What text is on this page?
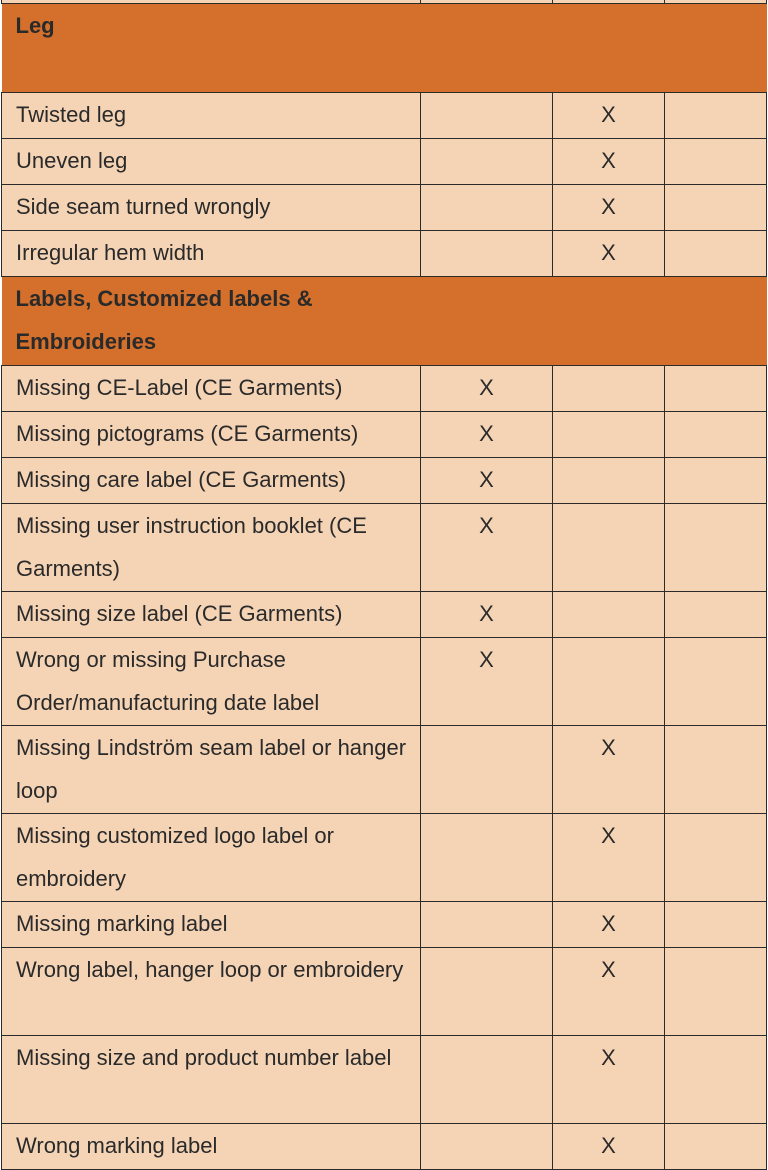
Leg			

Twisted leg		X	
Uneven leg		X	
Side seam turned wrongly		X	
Irregular hem width		X	

Labels, Customized labels & Embroideries			

Missing CE-Label (CE Garments)	X		
Missing pictograms (CE Garments)	X		
Missing care label (CE Garments)	X		
Missing user instruction booklet (CE Garments)	X		
Missing size label (CE Garments)	X		
Wrong or missing Purchase Order/manufacturing date label	X		
Missing Lindström seam label or hanger loop		X	
Missing customized logo label or embroidery		X	
Missing marking label		X	
Wrong label, hanger loop or embroidery		X	
Missing size and product number label		X	
Wrong marking label		X	
